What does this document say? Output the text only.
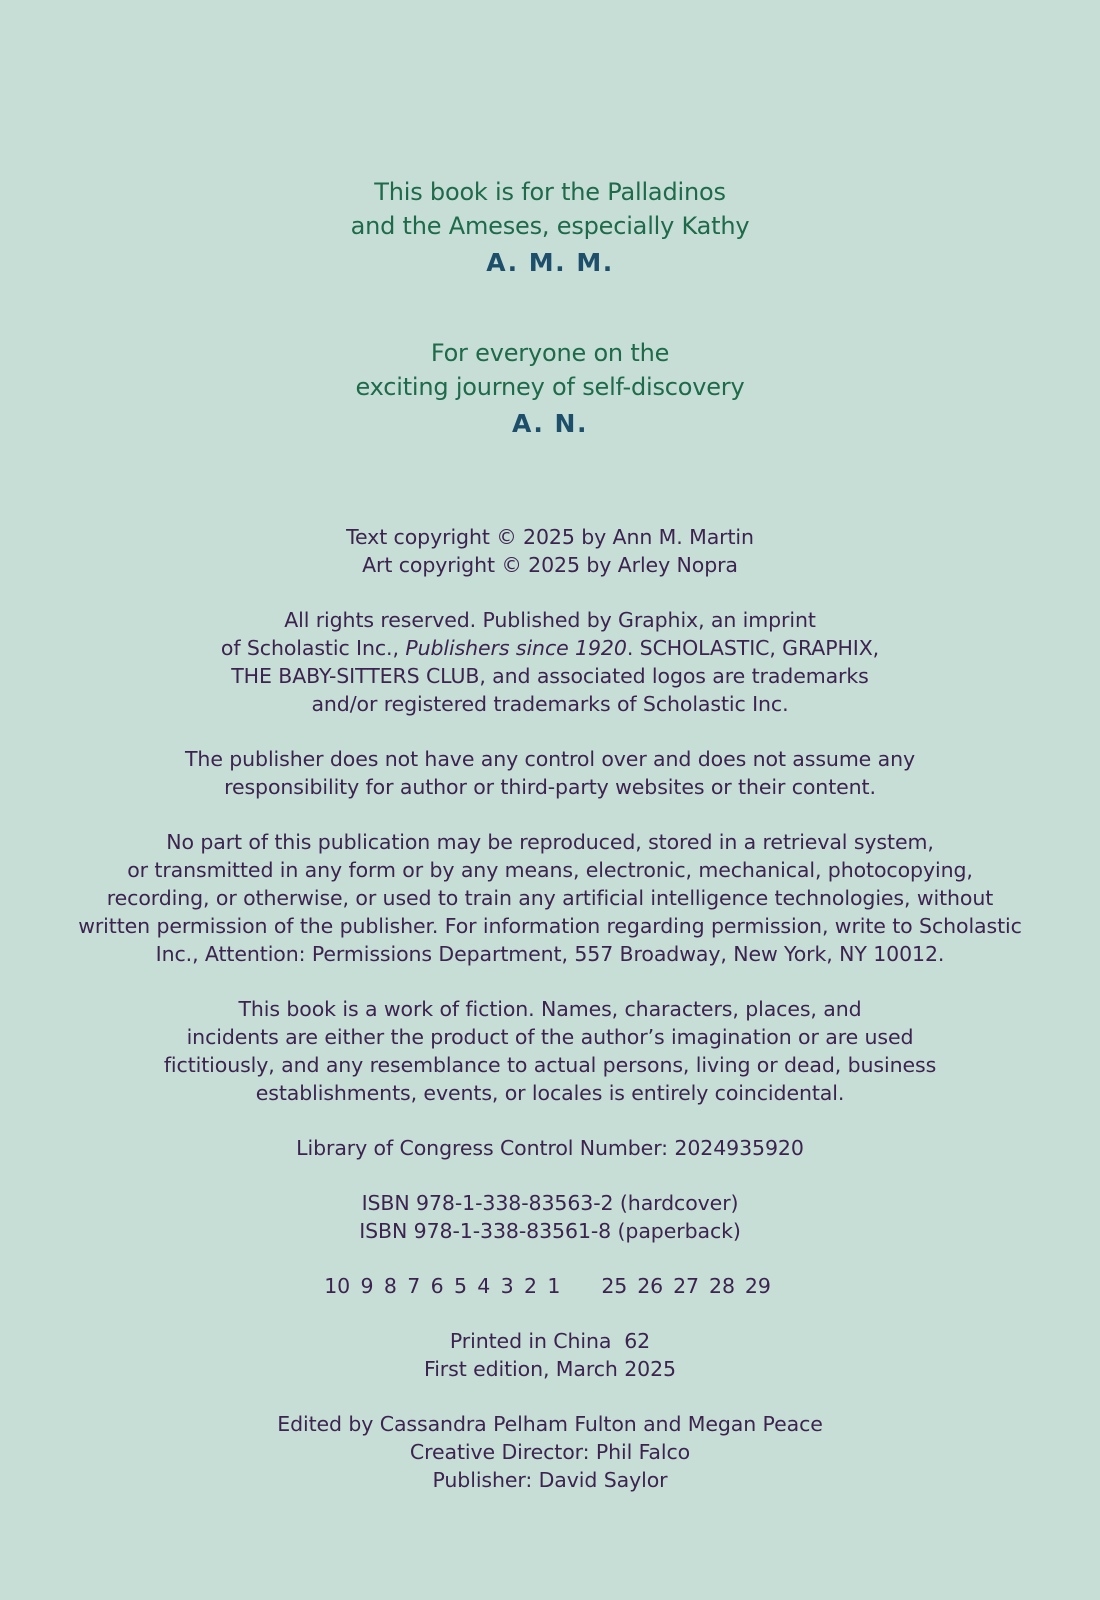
This book is for the Palladinos
and the Ameses, especially Kathy
A. M. M.
For everyone on the
exciting journey of self-discovery
A. N.
Text copyright © 2025 by Ann M. Martin
Art copyright © 2025 by Arley Nopra
All rights reserved. Published by Graphix, an imprint
of Scholastic Inc., Publishers since 1920. SCHOLASTIC, GRAPHIX,
THE BABY-SITTERS CLUB, and associated logos are trademarks
and/or registered trademarks of Scholastic Inc.
The publisher does not have any control over and does not assume any
responsibility for author or third-party websites or their content.
No part of this publication may be reproduced, stored in a retrieval system,
or transmitted in any form or by any means, electronic, mechanical, photocopying,
recording, or otherwise, or used to train any artificial intelligence technologies, without
written permission of the publisher. For information regarding permission, write to Scholastic
Inc., Attention: Permissions Department, 557 Broadway, New York, NY 10012.
This book is a work of fiction. Names, characters, places, and
incidents are either the product of the author’s imagination or are used
fictitiously, and any resemblance to actual persons, living or dead, business
establishments, events, or locales is entirely coincidental.
Library of Congress Control Number: 2024935920
ISBN 978-1-338-83563-2 (hardcover)
ISBN 978-1-338-83561-8 (paperback)
10 9 8 7 6 5 4 3 2 1 25 26 27 28 29
Printed in China  62
First edition, March 2025
Edited by Cassandra Pelham Fulton and Megan Peace
Creative Director: Phil Falco
Publisher: David Saylor
